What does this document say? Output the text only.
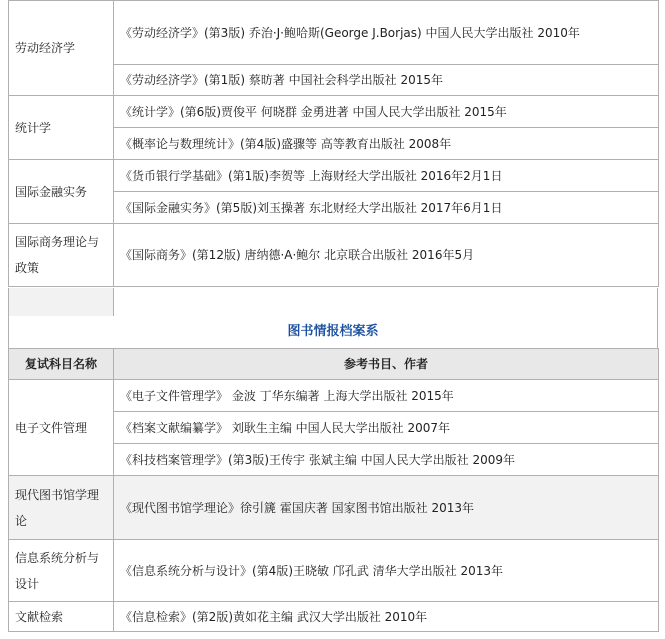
劳动经济学	《劳动经济学》(第3版) 乔治·J·鲍哈斯(George J.Borjas) 中国人民大学出版社 2010年
	《劳动经济学》(第1版) 蔡昉著 中国社会科学出版社 2015年
统计学	《统计学》(第6版)贾俊平 何晓群 金勇进著 中国人民大学出版社 2015年
	《概率论与数理统计》(第4版)盛骤等 高等教育出版社 2008年
国际金融实务	《货币银行学基础》(第1版)李贺等 上海财经大学出版社 2016年2月1日
	《国际金融实务》(第5版)刘玉操著 东北财经大学出版社 2017年6月1日
国际商务理论与政策	《国际商务》(第12版) 唐纳德·A·鲍尔 北京联合出版社 2016年5月
图书情报档案系
复试科目名称	参考书目、作者
电子文件管理	《电子文件管理学》 金波 丁华东编著 上海大学出版社 2015年
	《档案文献编纂学》 刘耿生主编 中国人民大学出版社 2007年
	《科技档案管理学》(第3版)王传宇 张斌主编 中国人民大学出版社 2009年
现代图书馆学理论	《现代图书馆学理论》徐引篪 霍国庆著 国家图书馆出版社 2013年
信息系统分析与设计	《信息系统分析与设计》(第4版)王晓敏 邝孔武 清华大学出版社 2013年
文献检索	《信息检索》(第2版)黄如花主编 武汉大学出版社 2010年
